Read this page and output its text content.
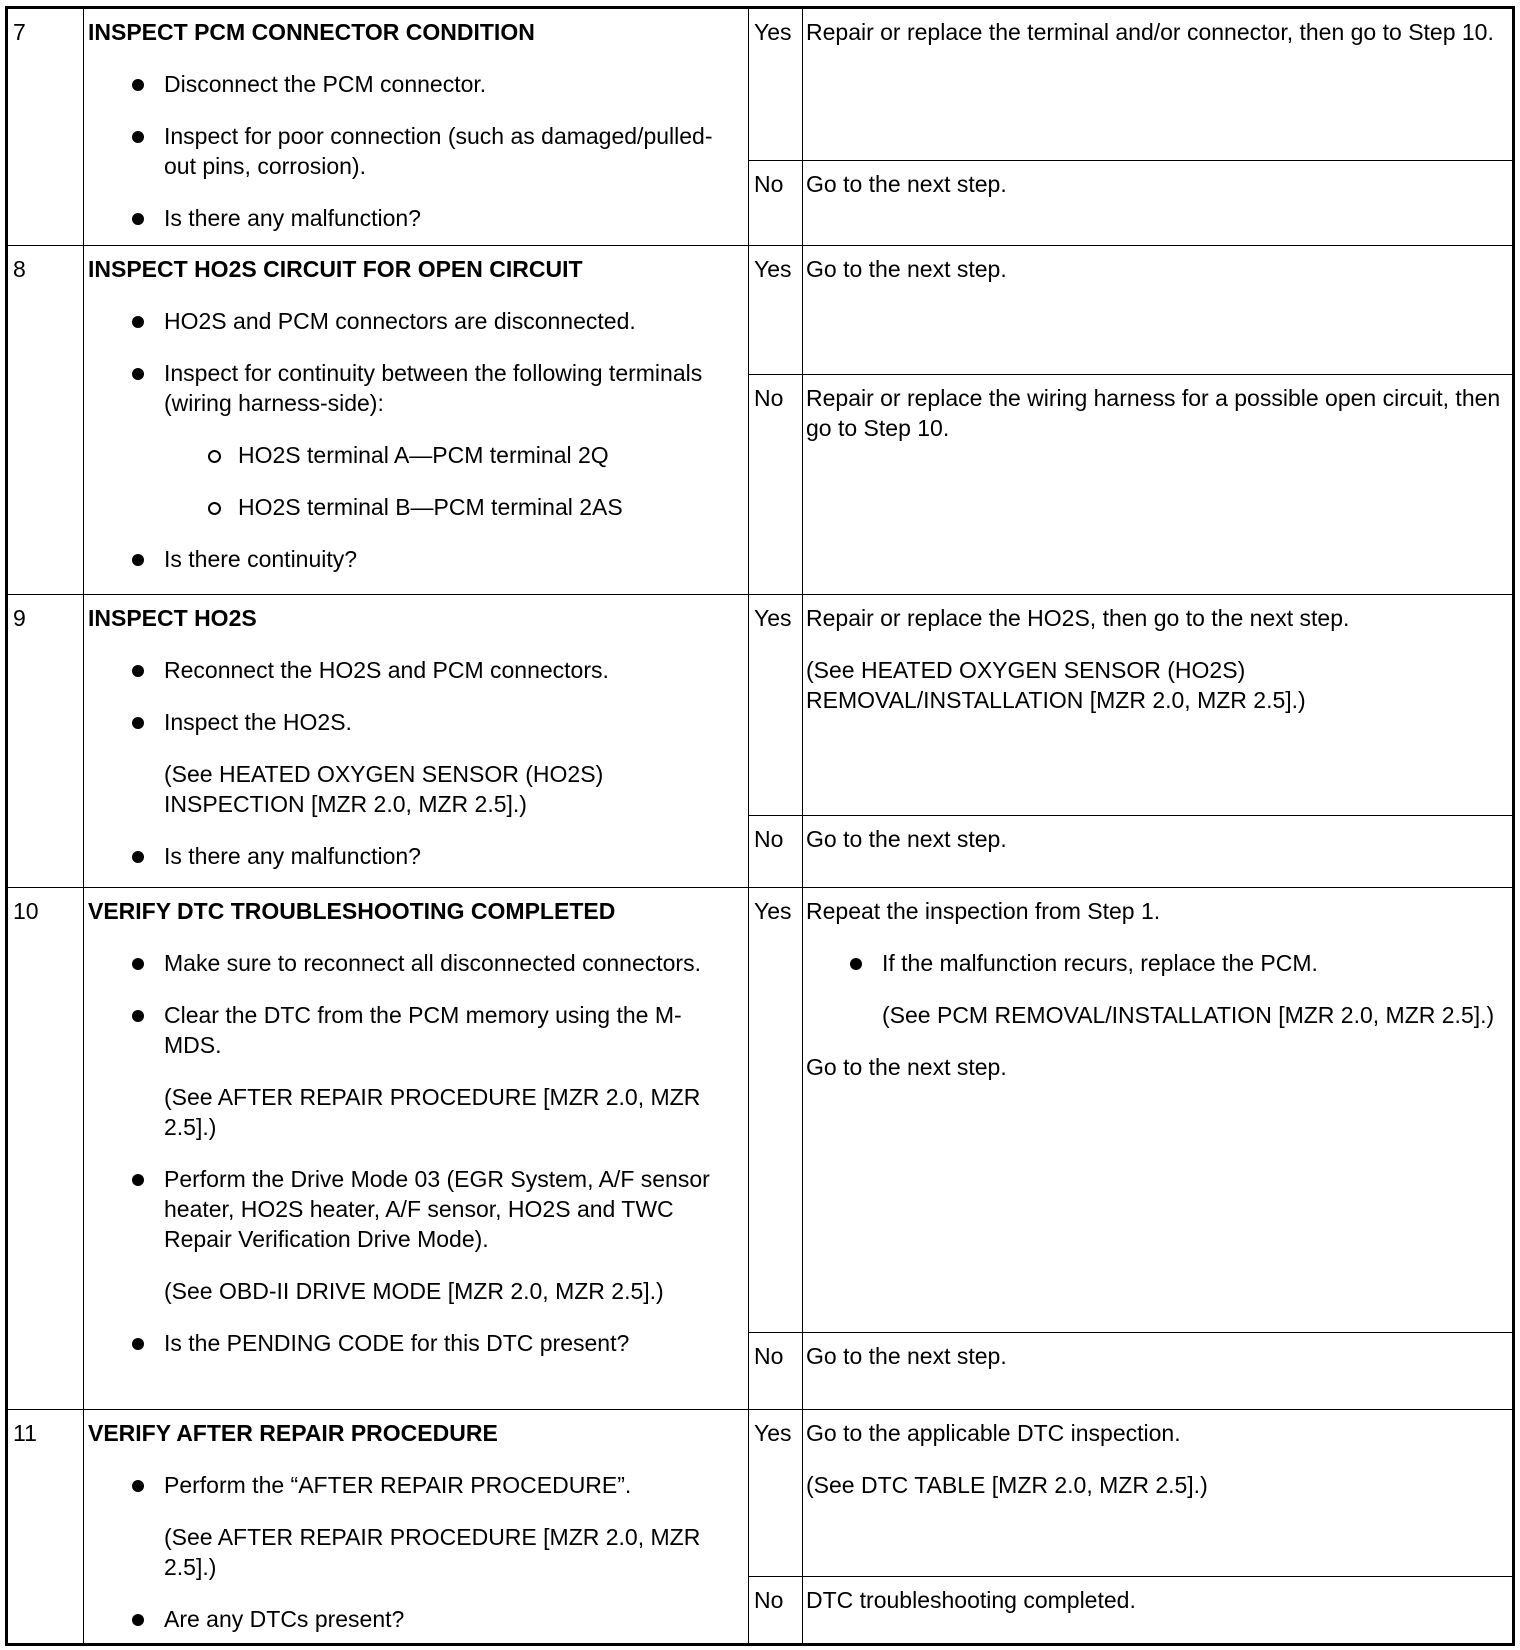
7	INSPECT PCM CONNECTOR CONDITION
Disconnect the PCM connector.
Inspect for poor connection (such as damaged/pulled-out pins, corrosion).
Is there any malfunction?
Yes Repair or replace the terminal and/or connector, then go to Step 10.

No Go to the next step.

8	INSPECT HO2S CIRCUIT FOR OPEN CIRCUIT
HO2S and PCM connectors are disconnected.
Inspect for continuity between the following terminals (wiring harness-side):
HO2S terminal A—PCM terminal 2Q
HO2S terminal B—PCM terminal 2AS
Is there continuity?
Yes Go to the next step.

No Repair or replace the wiring harness for a possible open circuit, then go to Step 10.

9	INSPECT HO2S
Reconnect the HO2S and PCM connectors.
Inspect the HO2S.
(See HEATED OXYGEN SENSOR (HO2S) INSPECTION [MZR 2.0, MZR 2.5].)
Is there any malfunction?
Yes Repair or replace the HO2S, then go to the next step.

(See HEATED OXYGEN SENSOR (HO2S) REMOVAL/INSTALLATION [MZR 2.0, MZR 2.5].)

No Go to the next step.

10 VERIFY DTC TROUBLESHOOTING COMPLETED
Make sure to reconnect all disconnected connectors.
Clear the DTC from the PCM memory using the M-MDS.
(See AFTER REPAIR PROCEDURE [MZR 2.0, MZR 2.5].)
Perform the Drive Mode 03 (EGR System, A/F sensor heater, HO2S heater, A/F sensor, HO2S and TWC Repair Verification Drive Mode).
(See OBD-II DRIVE MODE [MZR 2.0, MZR 2.5].)
Is the PENDING CODE for this DTC present?
Yes Repeat the inspection from Step 1.

If the malfunction recurs, replace the PCM.
(See PCM REMOVAL/INSTALLATION [MZR 2.0, MZR 2.5].)

Go to the next step.

No Go to the next step.

11 VERIFY AFTER REPAIR PROCEDURE
Perform the “AFTER REPAIR PROCEDURE”.
(See AFTER REPAIR PROCEDURE [MZR 2.0, MZR 2.5].)
Are any DTCs present?
Yes Go to the applicable DTC inspection.

(See DTC TABLE [MZR 2.0, MZR 2.5].)

No DTC troubleshooting completed.
